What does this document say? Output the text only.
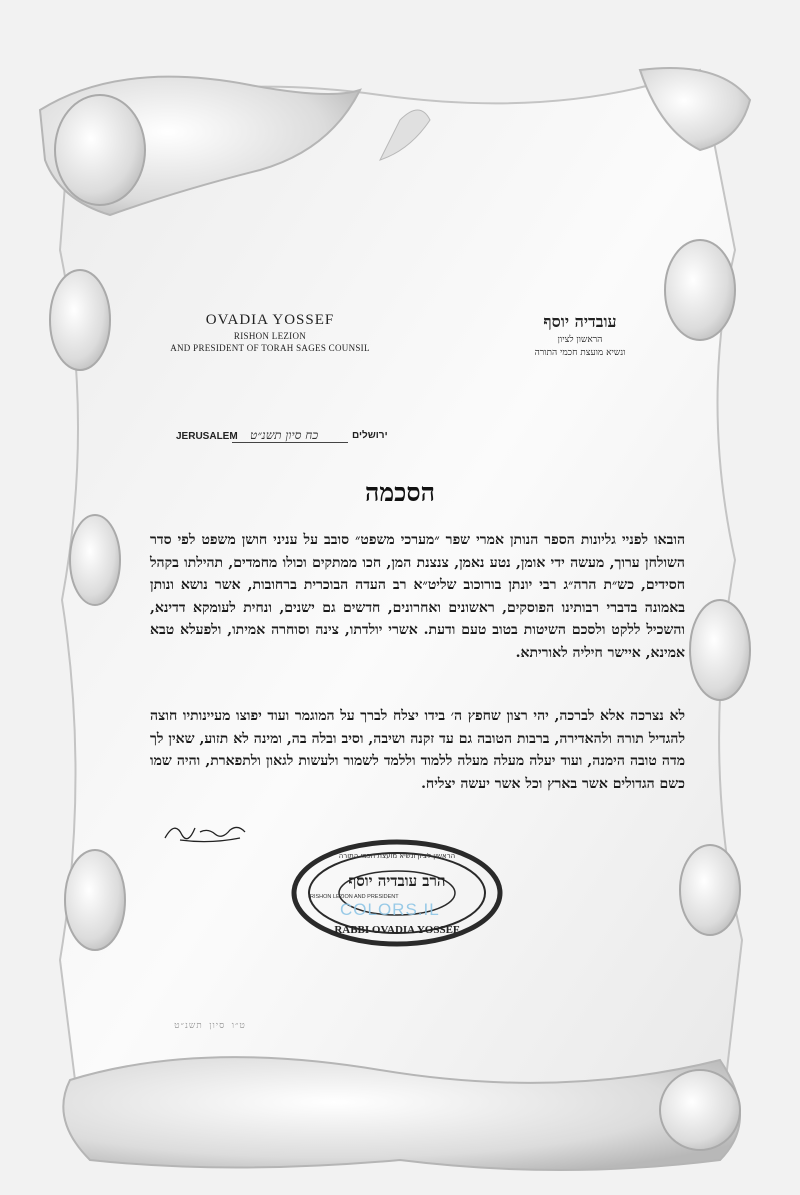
OVADIA YOSSEF
RISHON LEZION
AND PRESIDENT OF TORAH SAGES COUNSIL
עובדיה יוסף
הראשון לציון
ונשיא מועצת חכמי התורה
JERUSALEM כח סיון תשנ״ט	ירושלים
הסכמה
הובאו לפניי גליונות הספר הנותן אמרי שפר ״מערכי משפט״ סובב על עניני חושן משפט לפי סדר השולחן ערוך, מעשה ידי אומן, נטע נאמן, צנצנת המן, חכו ממתקים וכולו מחמדים, תהילתו בקהל חסידים, כש״ת הרה״ג רבי יונתן בורוכוב שליט״א רב העדה הבוכרית ברחובות, אשר נושא ונותן באמונה בדברי רבותינו הפוסקים, ראשונים ואחרונים, חדשים גם ישנים, ונחית לעומקא דדינא, והשכיל ללקט ולסכם השיטות בטוב טעם ודעת. אשרי יולדתו, צינה וסוחרה אמיתו, ולפעלא טבא אמינא, איישר חיליה לאוריתא.
לא נצרכה אלא לברכה, יהי רצון שחפץ ה׳ בידו יצלח לברך על המוגמר ועוד יפוצו מעיינותיו חוצה להגדיל תורה ולהאדירה, ברבות הטובה גם עד זקנה ושיבה, וסיב ובלה בה, ומינה לא תזוע, שאין לך מדה טובה הימנה, ועוד יעלה מעלה מעלה ללמוד וללמד לשמור ולעשות לגאון ולתפארת, והיה שמו כשם הגדולים אשר בארץ וכל אשר יעשה יצליח.
הרב עובדיה יוסף
הראשון לציון ונשיא מועצת חכמי התורה
RABBI OVADIA YOSSEF
RISHON LEZION AND PRESIDENT
COLORS.IL
ט״ו סיון תשנ״ט
